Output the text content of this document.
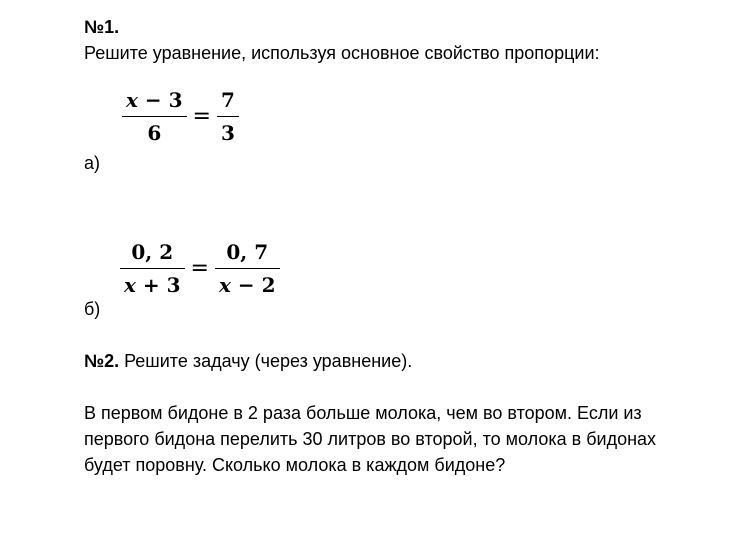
№1.
Решите уравнение, используя основное свойство пропорции:
$\frac{x - 3}{6} = \frac{7}{3}$
а)
$\frac{0, 2}{x + 3} = \frac{0, 7}{x - 2}$
б)
№2. Решите задачу (через уравнение).
В первом бидоне в 2 раза больше молока, чем во втором. Если из
первого бидона перелить 30 литров во второй, то молока в бидонах
будет поровну. Сколько молока в каждом бидоне?
